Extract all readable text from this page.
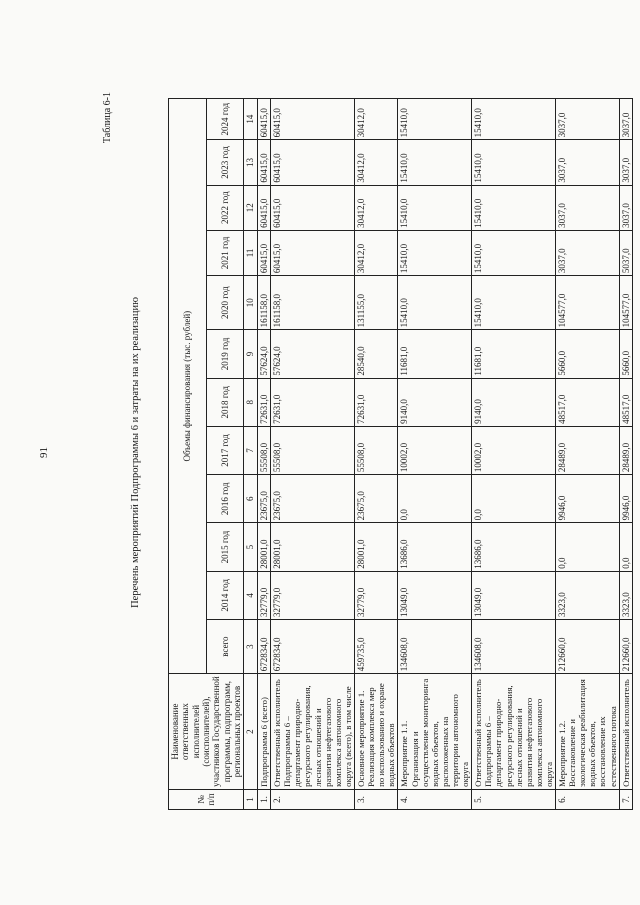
91
Таблица 6-1
Перечень мероприятий Подпрограммы 6 и затраты на их реализацию
№ п/п	Наименование ответственных исполнителей (соисполнителей), участников Государственной программы, подпрограмм, региональных проектов	Объемы финансирования (тыс. рублей)											
		всего	2014 год	2015 год	2016 год	2017 год	2018 год	2019 год	2020 год	2021 год	2022 год	2023 год	2024 год
1	2	3	4	5	6	7	8	9	10	11	12	13	14
1.	Подпрограмма 6 (всего)	672834,0	32779,0	28001,0	23675,0	55508,0	72631,0	57624,0	161158,0	60415,0	60415,0	60415,0	60415,0
2.	Ответственный исполнитель Подпрограммы 6 – департамент природно-ресурсного регулирования, лесных отношений и развития нефтегазового комплекса автономного округа (всего), в том числе	672834,0	32779,0	28001,0	23675,0	55508,0	72631,0	57624,0	161158,0	60415,0	60415,0	60415,0	60415,0
3.	Основное мероприятие 1. Реализация комплекса мер по использованию и охране водных объектов	459735,0	32779,0	28001,0	23675,0	55508,0	72631,0	28540,0	131155,0	30412,0	30412,0	30412,0	30412,0
4.	Мероприятие 1.1. Организация и осуществление мониторинга водных объектов, расположенных на территории автономного округа	134608,0	13049,0	13686,0	0,0	10002,0	9140,0	11681,0	15410,0	15410,0	15410,0	15410,0	15410,0
5.	Ответственный исполнитель Подпрограммы 6 – департамент природно-ресурсного регулирования, лесных отношений и развития нефтегазового комплекса автономного округа	134608,0	13049,0	13686,0	0,0	10002,0	9140,0	11681,0	15410,0	15410,0	15410,0	15410,0	15410,0
6.	Мероприятие 1.2. Восстановление и экологическая реабилитация водных объектов, восстановление их естественного потока	212660,0	3323,0	0,0	9946,0	28489,0	48517,0	5660,0	104577,0	3037,0	3037,0	3037,0	3037,0
7.	Ответственный исполнитель	212660,0	3323,0	0,0	9946,0	28489,0	48517,0	5660,0	104577,0	5037,0	3037,0	3037,0	3037,0
